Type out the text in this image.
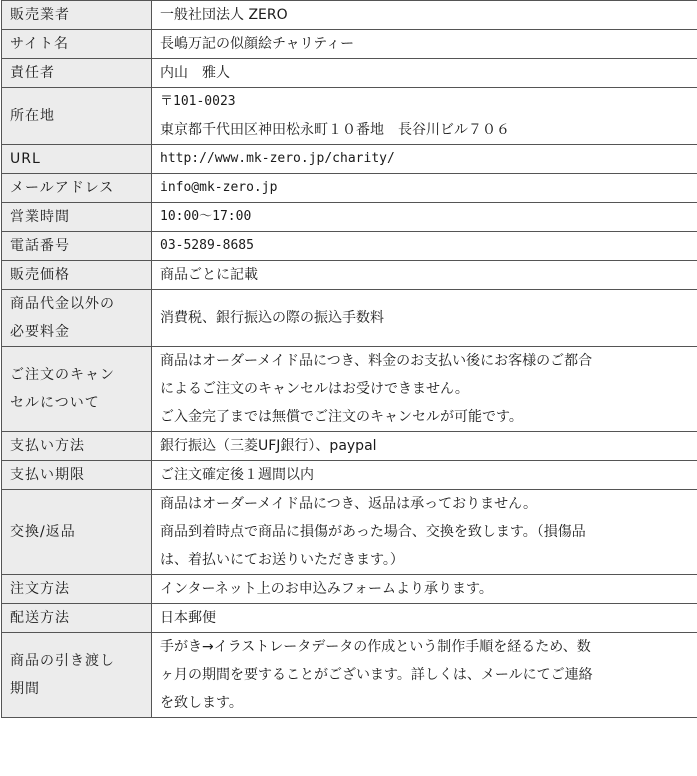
販売業者	一般社団法人 ZERO

サイト名	長嶋万記の似顔絵チャリティー

責任者	内山　雅人

所在地	〒101-0023
東京都千代田区神田松永町１０番地　長谷川ビル７０６

URL	http://www.mk-zero.jp/charity/

メールアドレス	info@mk-zero.jp

営業時間	10:00～17:00

電話番号	03-5289-8685

販売価格	商品ごとに記載

商品代金以外の
必要料金	消費税、銀行振込の際の振込手数料

ご注文のキャン
セルについて	商品はオーダーメイド品につき、料金のお支払い後にお客様のご都合
によるご注文のキャンセルはお受けできません。
ご入金完了までは無償でご注文のキャンセルが可能です。

支払い方法	銀行振込（三菱UFJ銀行）、paypal

支払い期限	ご注文確定後１週間以内

交換/返品	商品はオーダーメイド品につき、返品は承っておりません。
商品到着時点で商品に損傷があった場合、交換を致します。（損傷品
は、着払いにてお送りいただきます。）

注文方法	インターネット上のお申込みフォームより承ります。

配送方法	日本郵便

商品の引き渡し
期間	手がき→イラストレータデータの作成という制作手順を経るため、数
ヶ月の期間を要することがございます。詳しくは、メールにてご連絡
を致します。
